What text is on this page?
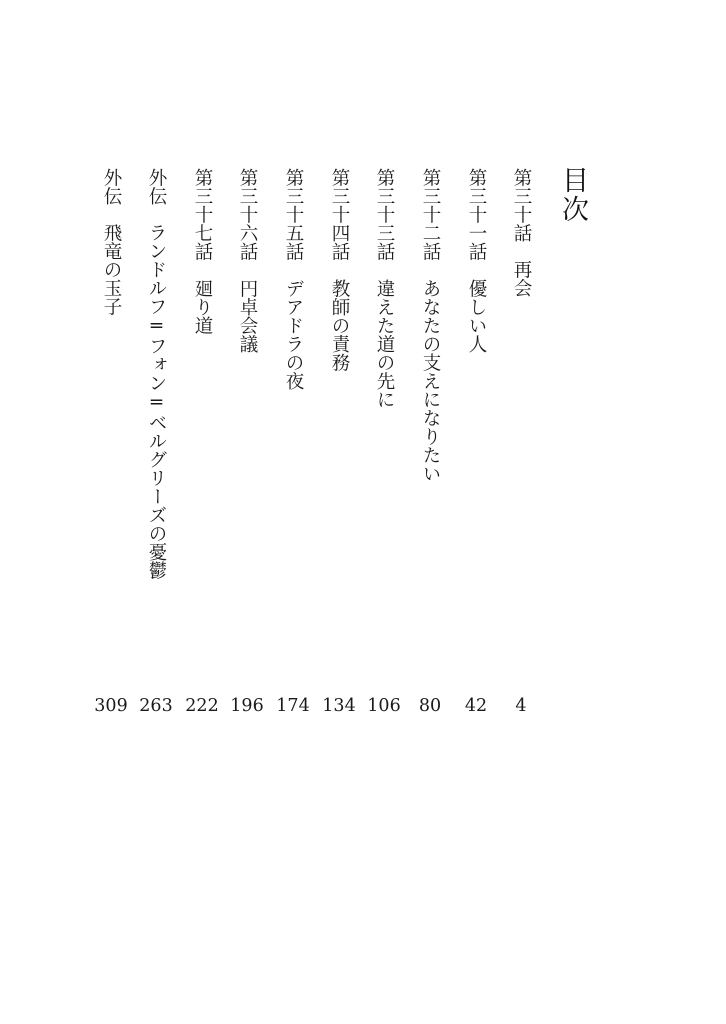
目次
第三十話再会
第三十一話優しい人
第三十二話あなたの支えになりたい
第三十三話違えた道の先に
第三十四話教師の責務
第三十五話デアドラの夜
第三十六話円卓会議
第三十七話廻り道
外伝ランドルフ=フォン=ベルグリーズの憂鬱
外伝飛竜の玉子
4
42
80
106
134
174
196
222
263
309
